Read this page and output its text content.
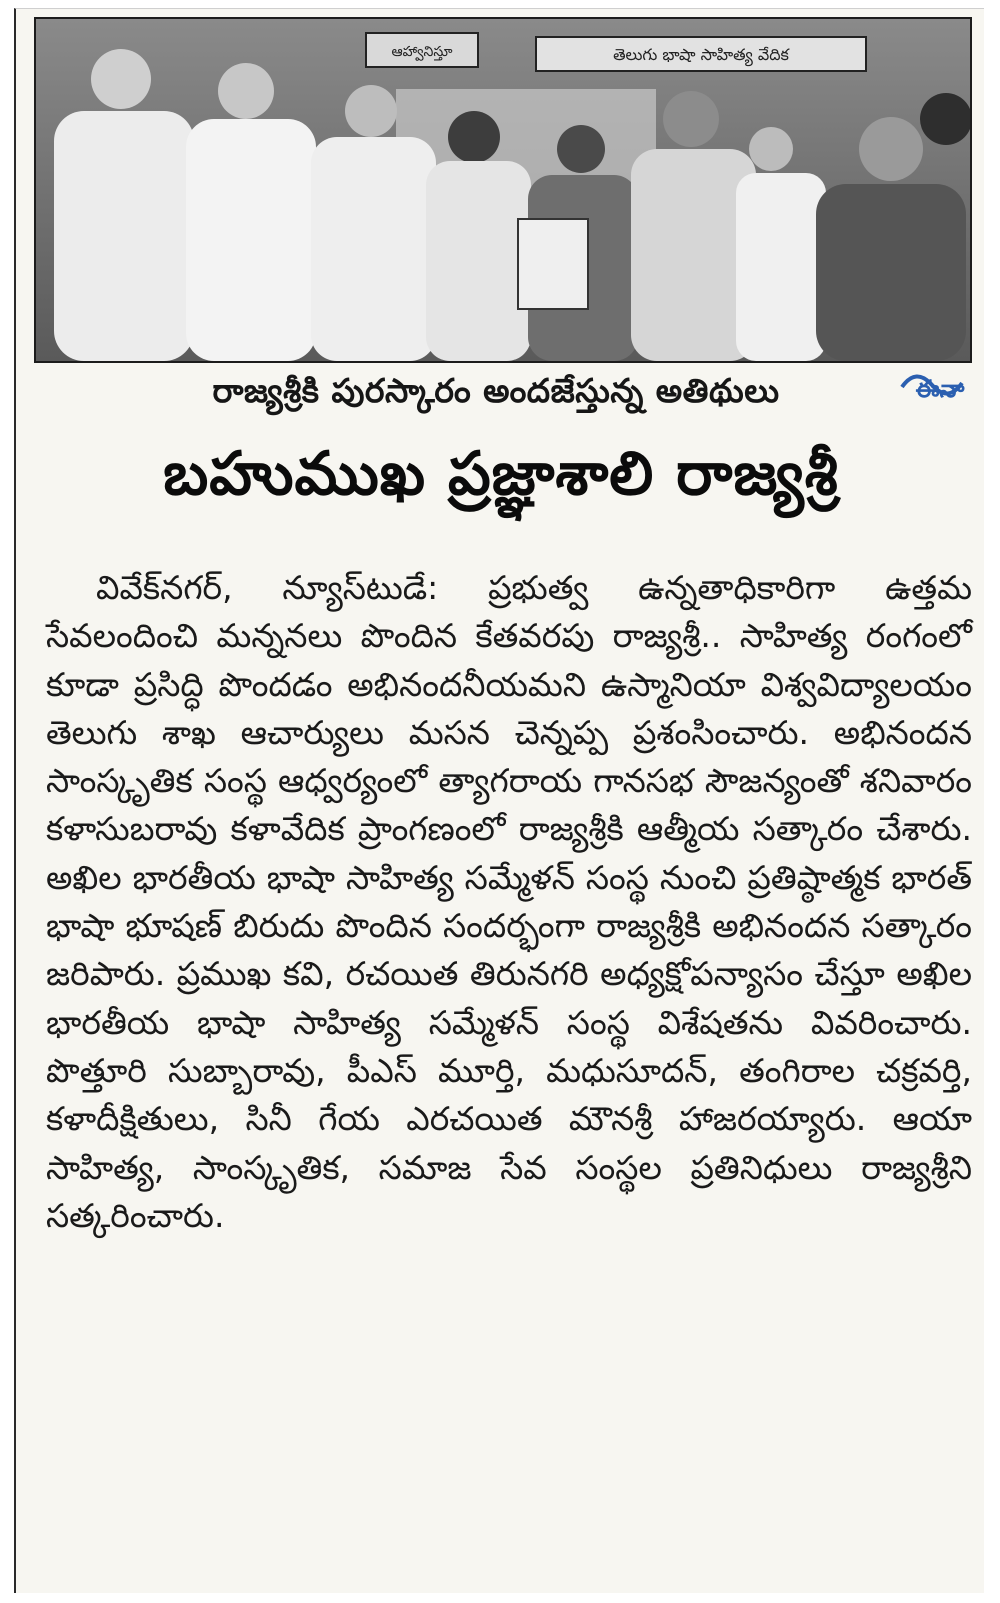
ఆహ్వానిస్తూ	తెలుగు భాషా సాహిత్య వేదిక
రాజ్యశ్రీకి పురస్కారం అందజేస్తున్న అతిథులు	ఈనా
బహుముఖ ప్రజ్ఞాశాలి రాజ్యశ్రీ
వివేక్‌నగర్, న్యూస్‌టుడే: ప్రభుత్వ ఉన్నతాధికారిగా ఉత్తమ సేవలందించి మన్ననలు పొందిన కేతవరపు రాజ్యశ్రీ.. సాహిత్య రంగంలో కూడా ప్రసిద్ధి పొందడం అభినందనీయమని ఉస్మానియా విశ్వవిద్యాలయం తెలుగు శాఖ ఆచార్యులు మసన చెన్నప్ప ప్రశంసించారు. అభినందన సాంస్కృతిక సంస్థ ఆధ్వర్యంలో త్యాగరాయ గానసభ సౌజన్యంతో శనివారం కళాసుబరావు కళావేదిక ప్రాంగణంలో రాజ్యశ్రీకి ఆత్మీయ సత్కారం చేశారు. అఖిల భారతీయ భాషా సాహిత్య సమ్మేళన్ సంస్థ నుంచి ప్రతిష్ఠాత్మక భారత్ భాషా భూషణ్ బిరుదు పొందిన సందర్భంగా రాజ్యశ్రీకి అభినందన సత్కారం జరిపారు. ప్రముఖ కవి, రచయిత తిరునగరి అధ్యక్షోపన్యాసం చేస్తూ అఖిల భారతీయ భాషా సాహిత్య సమ్మేళన్ సంస్థ విశేషతను వివరించారు. పొత్తూరి సుబ్బారావు, పీఎస్ మూర్తి, మధుసూదన్, తంగిరాల చక్రవర్తి, కళాదీక్షితులు, సినీ గేయ ఎరచయిత మౌనశ్రీ హాజరయ్యారు. ఆయా సాహిత్య, సాంస్కృతిక, సమాజ సేవ సంస్థల ప్రతినిధులు రాజ్యశ్రీని సత్కరించారు.
